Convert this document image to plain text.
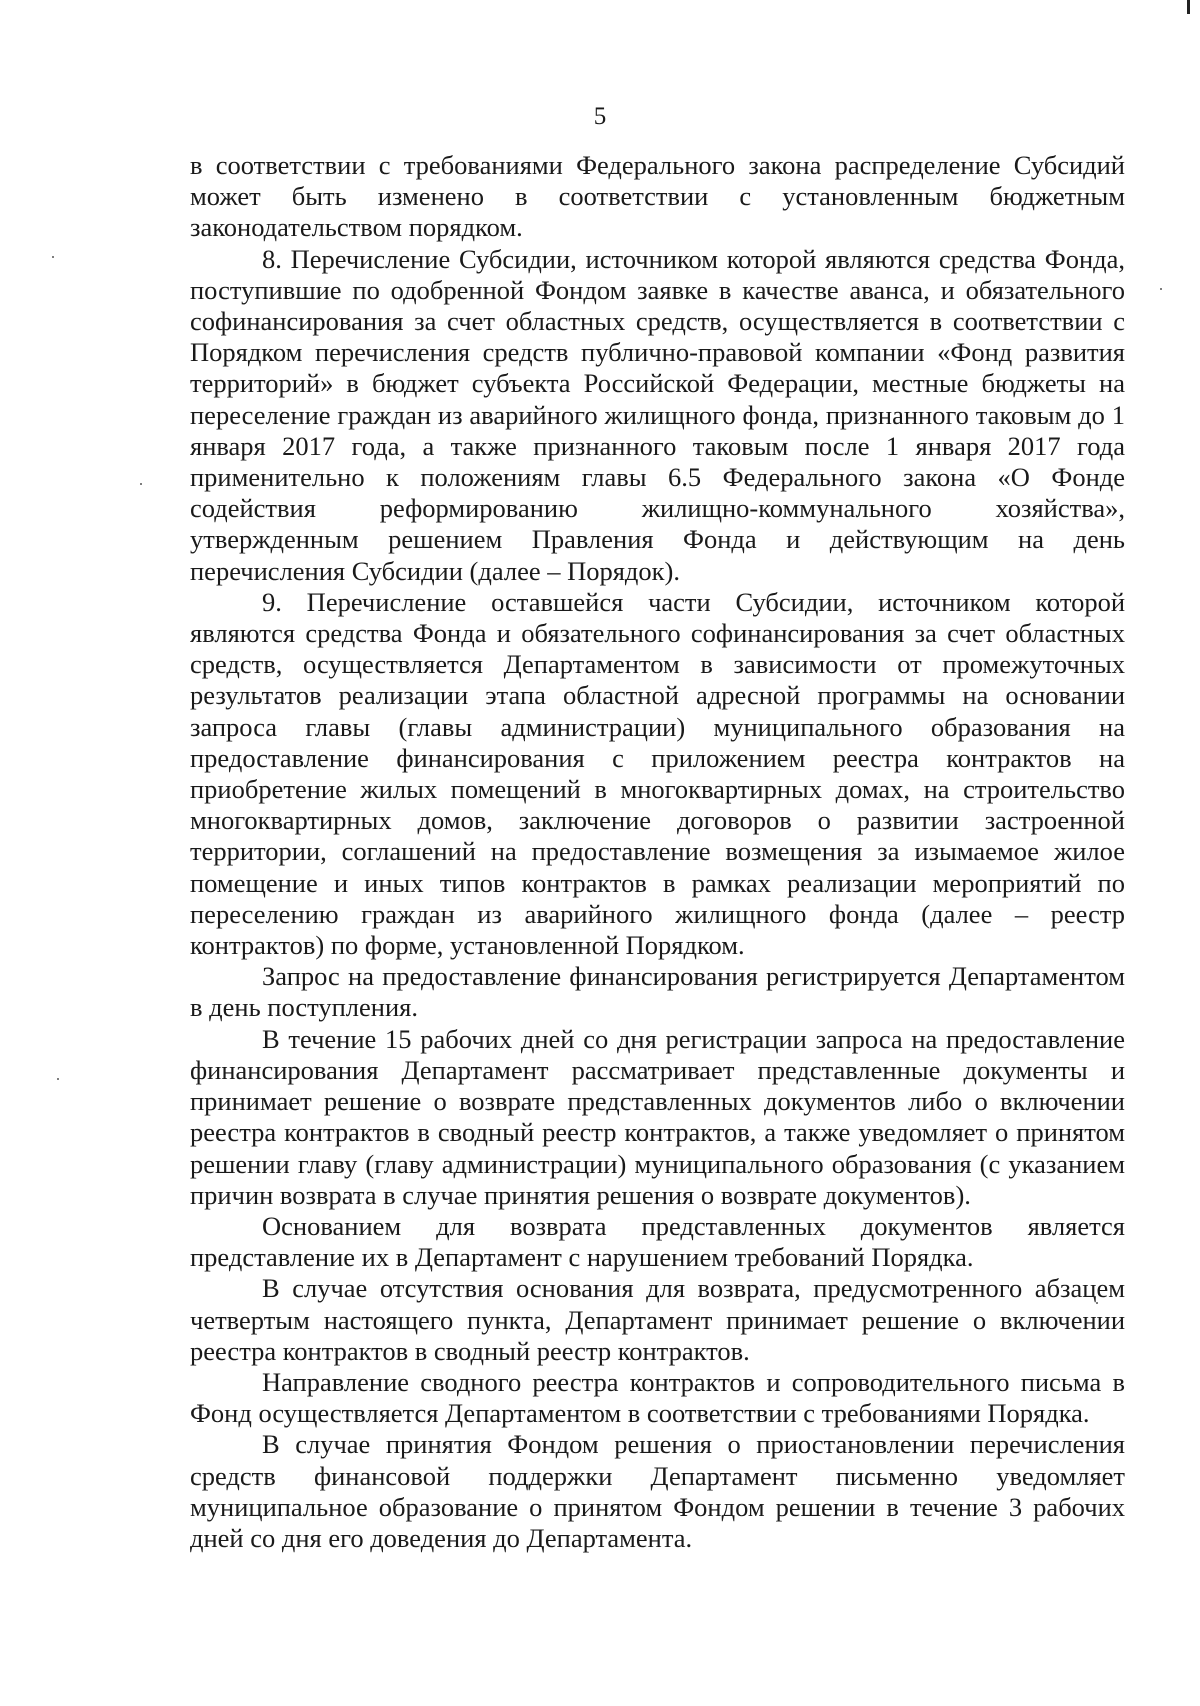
5

в соответствии с требованиями Федерального закона распределение Субсидий может быть изменено в соответствии с установленным бюджетным законодательством порядком.

8. Перечисление Субсидии, источником которой являются средства Фонда, поступившие по одобренной Фондом заявке в качестве аванса, и обязательного софинансирования за счет областных средств, осуществляется в соответствии с Порядком перечисления средств публично-правовой компании «Фонд развития территорий» в бюджет субъекта Российской Федерации, местные бюджеты на переселение граждан из аварийного жилищного фонда, признанного таковым до 1 января 2017 года, а также признанного таковым после 1 января 2017 года применительно к положениям главы 6.5 Федерального закона «О Фонде содействия реформированию жилищно-коммунального хозяйства», утвержденным решением Правления Фонда и действующим на день перечисления Субсидии (далее – Порядок).

9. Перечисление оставшейся части Субсидии, источником которой являются средства Фонда и обязательного софинансирования за счет областных средств, осуществляется Департаментом в зависимости от промежуточных результатов реализации этапа областной адресной программы на основании запроса главы (главы администрации) муниципального образования на предоставление финансирования с приложением реестра контрактов на приобретение жилых помещений в многоквартирных домах, на строительство многоквартирных домов, заключение договоров о развитии застроенной территории, соглашений на предоставление возмещения за изымаемое жилое помещение и иных типов контрактов в рамках реализации мероприятий по переселению граждан из аварийного жилищного фонда (далее – реестр контрактов) по форме, установленной Порядком.

Запрос на предоставление финансирования регистрируется Департаментом в день поступления.

В течение 15 рабочих дней со дня регистрации запроса на предоставление финансирования Департамент рассматривает представленные документы и принимает решение о возврате представленных документов либо о включении реестра контрактов в сводный реестр контрактов, а также уведомляет о принятом решении главу (главу администрации) муниципального образования (с указанием причин возврата в случае принятия решения о возврате документов).

Основанием для возврата представленных документов является представление их в Департамент с нарушением требований Порядка.

В случае отсутствия основания для возврата, предусмотренного абзацем четвертым настоящего пункта, Департамент принимает решение о включении реестра контрактов в сводный реестр контрактов.

Направление сводного реестра контрактов и сопроводительного письма в Фонд осуществляется Департаментом в соответствии с требованиями Порядка.

В случае принятия Фондом решения о приостановлении перечисления средств финансовой поддержки Департамент письменно уведомляет муниципальное образование о принятом Фондом решении в течение 3 рабочих дней со дня его доведения до Департамента.
